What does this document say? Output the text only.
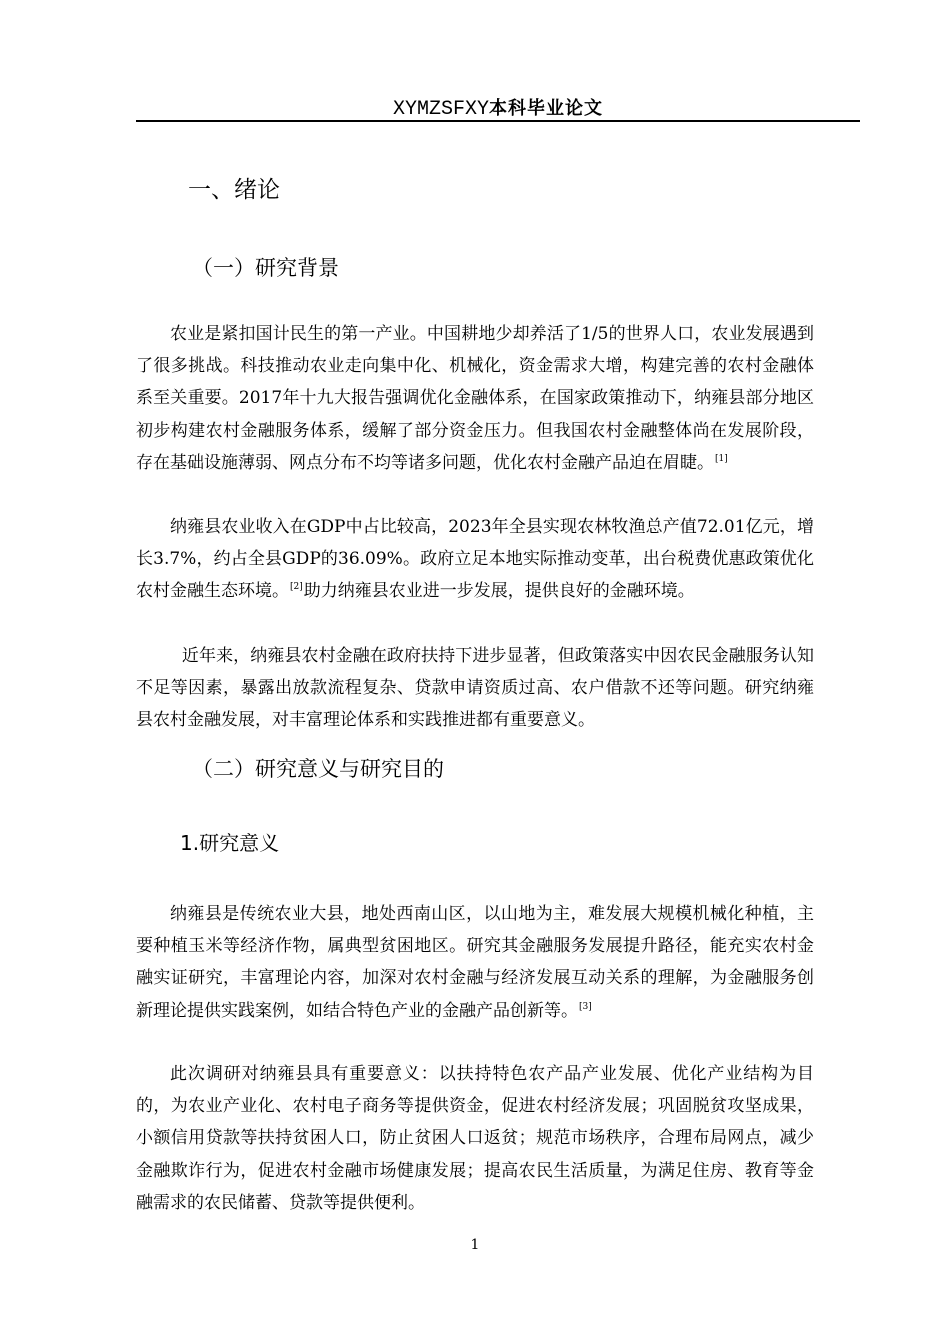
XYMZSFXY本科毕业论文
一、绪论
（一）研究背景

农业是紧扣国计民生的第一产业。中国耕地少却养活了1/5的世界人口，农业发展遇到了很多挑战。科技推动农业走向集中化、机械化，资金需求大增，构建完善的农村金融体系至关重要。2017年十九大报告强调优化金融体系，在国家政策推动下，纳雍县部分地区初步构建农村金融服务体系，缓解了部分资金压力。但我国农村金融整体尚在发展阶段，存在基础设施薄弱、网点分布不均等诸多问题，优化农村金融产品迫在眉睫。[1]

纳雍县农业收入在GDP中占比较高，2023年全县实现农林牧渔总产值72.01亿元，增长3.7%，约占全县GDP的36.09%。政府立足本地实际推动变革，出台税费优惠政策优化农村金融生态环境。[2]助力纳雍县农业进一步发展，提供良好的金融环境。

近年来，纳雍县农村金融在政府扶持下进步显著，但政策落实中因农民金融服务认知不足等因素，暴露出放款流程复杂、贷款申请资质过高、农户借款不还等问题。研究纳雍县农村金融发展，对丰富理论体系和实践推进都有重要意义。

（二）研究意义与研究目的
1.研究意义

纳雍县是传统农业大县，地处西南山区，以山地为主，难发展大规模机械化种植，主要种植玉米等经济作物，属典型贫困地区。研究其金融服务发展提升路径，能充实农村金融实证研究，丰富理论内容，加深对农村金融与经济发展互动关系的理解，为金融服务创新理论提供实践案例，如结合特色产业的金融产品创新等。[3]

此次调研对纳雍县具有重要意义：以扶持特色农产品产业发展、优化产业结构为目的，为农业产业化、农村电子商务等提供资金，促进农村经济发展；巩固脱贫攻坚成果，小额信用贷款等扶持贫困人口，防止贫困人口返贫；规范市场秩序，合理布局网点，减少金融欺诈行为，促进农村金融市场健康发展；提高农民生活质量，为满足住房、教育等金融需求的农民储蓄、贷款等提供便利。

1
